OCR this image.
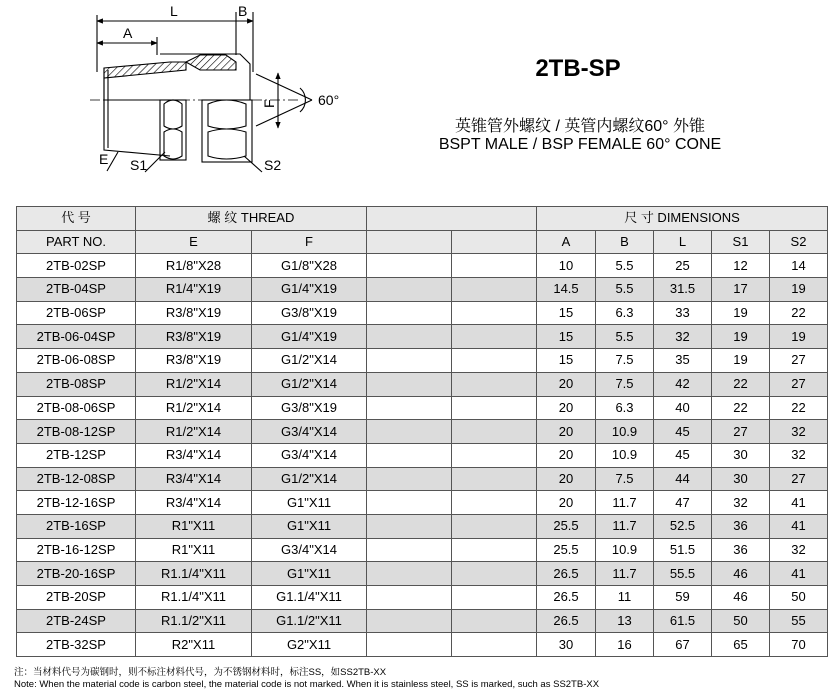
L	B
A
F	60°
E S1	S2
2TB-SP
英锥管外螺纹 / 英管内螺纹60° 外锥
BSPT MALE / BSP FEMALE 60° CONE
代 号	螺 纹 THREAD				尺 寸 DIMENSIONS				
PART NO.	E	F			A	B	L	S1	S2
2TB-02SP	R1/8"X28	G1/8"X28			10	5.5	25	12	14
2TB-04SP	R1/4"X19	G1/4"X19			14.5	5.5	31.5	17	19
2TB-06SP	R3/8"X19	G3/8"X19			15	6.3	33	19	22
2TB-06-04SP	R3/8"X19	G1/4"X19			15	5.5	32	19	19
2TB-06-08SP	R3/8"X19	G1/2"X14			15	7.5	35	19	27
2TB-08SP	R1/2"X14	G1/2"X14			20	7.5	42	22	27
2TB-08-06SP	R1/2"X14	G3/8"X19			20	6.3	40	22	22
2TB-08-12SP	R1/2"X14	G3/4"X14			20	10.9	45	27	32
2TB-12SP	R3/4"X14	G3/4"X14			20	10.9	45	30	32
2TB-12-08SP	R3/4"X14	G1/2"X14			20	7.5	44	30	27
2TB-12-16SP	R3/4"X14	G1"X11			20	11.7	47	32	41
2TB-16SP	R1"X11	G1"X11			25.5	11.7	52.5	36	41
2TB-16-12SP	R1"X11	G3/4"X14			25.5	10.9	51.5	36	32
2TB-20-16SP	R1.1/4"X11	G1"X11			26.5	11.7	55.5	46	41
2TB-20SP	R1.1/4"X11	G1.1/4"X11			26.5	11	59	46	50
2TB-24SP	R1.1/2"X11	G1.1/2"X11			26.5	13	61.5	50	55
2TB-32SP	R2"X11	G2"X11			30	16	67	65	70
注：当材料代号为碳钢时，则不标注材料代号，为不锈钢材料时，标注SS，如SS2TB-XX
Note: When the material code is carbon steel, the material code is not marked. When it is stainless steel, SS is marked, such as SS2TB-XX
